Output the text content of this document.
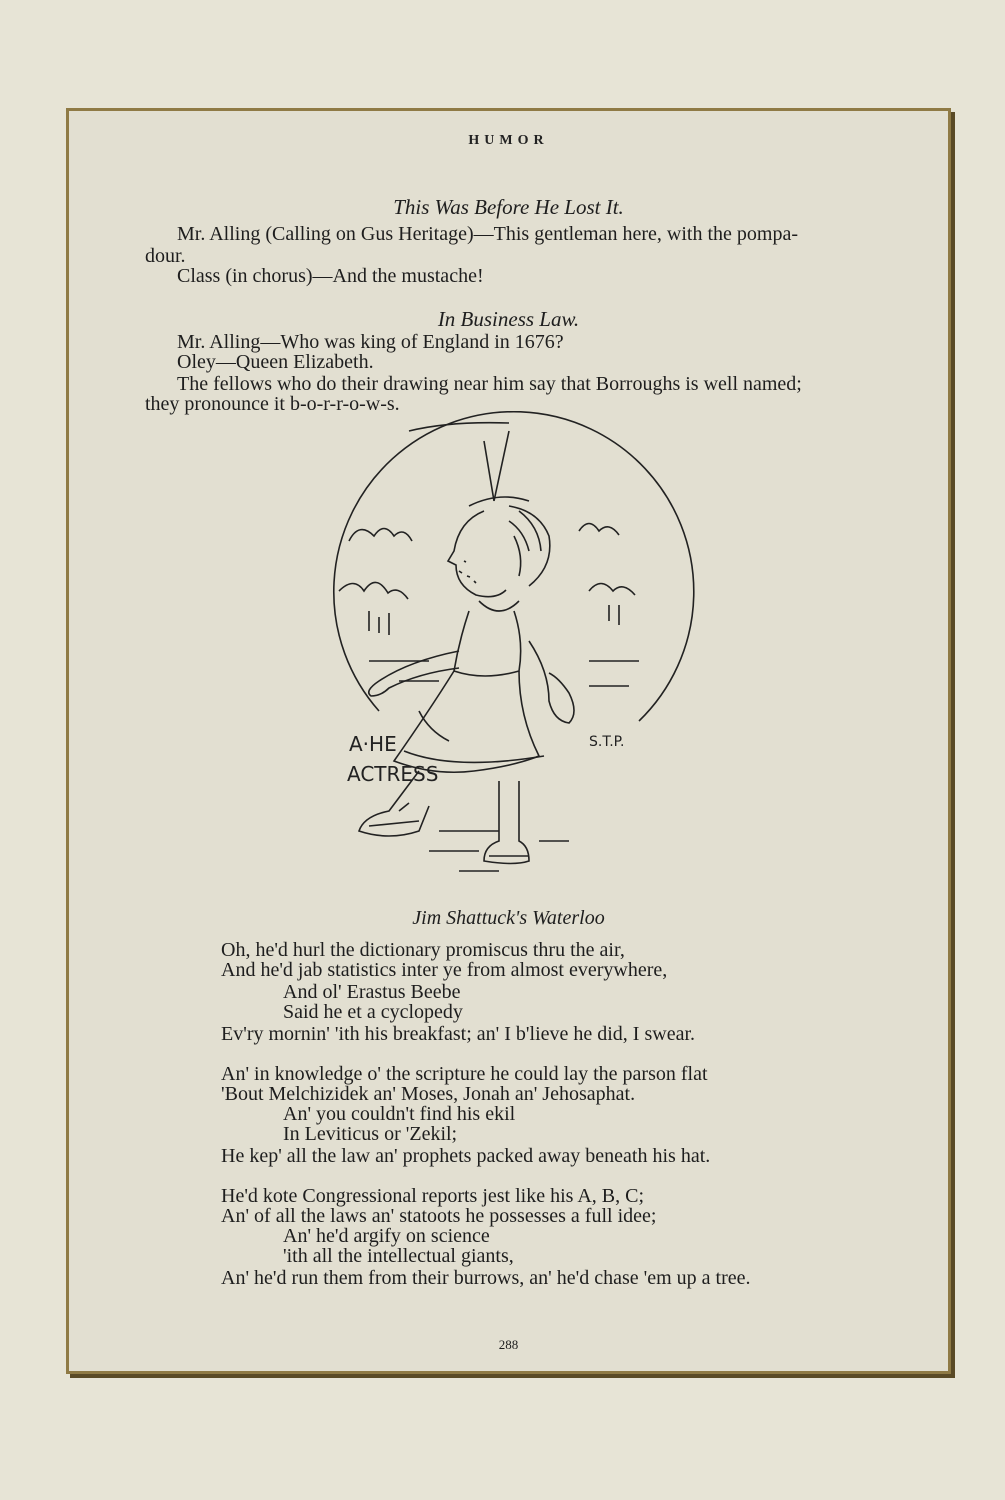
HUMOR
This Was Before He Lost It.
Mr. Alling (Calling on Gus Heritage)—This gentleman here, with the pompa-
dour.
Class (in chorus)—And the mustache!
In Business Law.
Mr. Alling—Who was king of England in 1676?
Oley—Queen Elizabeth.
The fellows who do their drawing near him say that Borroughs is well named;
they pronounce it b-o-r-r-o-w-s.
A·HE
ACTRESS
S.T.P.
Jim Shattuck's Waterloo
Oh, he'd hurl the dictionary promiscus thru the air,
And he'd jab statistics inter ye from almost everywhere,
And ol' Erastus Beebe
Said he et a cyclopedy
Ev'ry mornin' 'ith his breakfast; an' I b'lieve he did, I swear.
An' in knowledge o' the scripture he could lay the parson flat
'Bout Melchizidek an' Moses, Jonah an' Jehosaphat.
An' you couldn't find his ekil
In Leviticus or 'Zekil;
He kep' all the law an' prophets packed away beneath his hat.
He'd kote Congressional reports jest like his A, B, C;
An' of all the laws an' statoots he possesses a full idee;
An' he'd argify on science
'ith all the intellectual giants,
An' he'd run them from their burrows, an' he'd chase 'em up a tree.
288
